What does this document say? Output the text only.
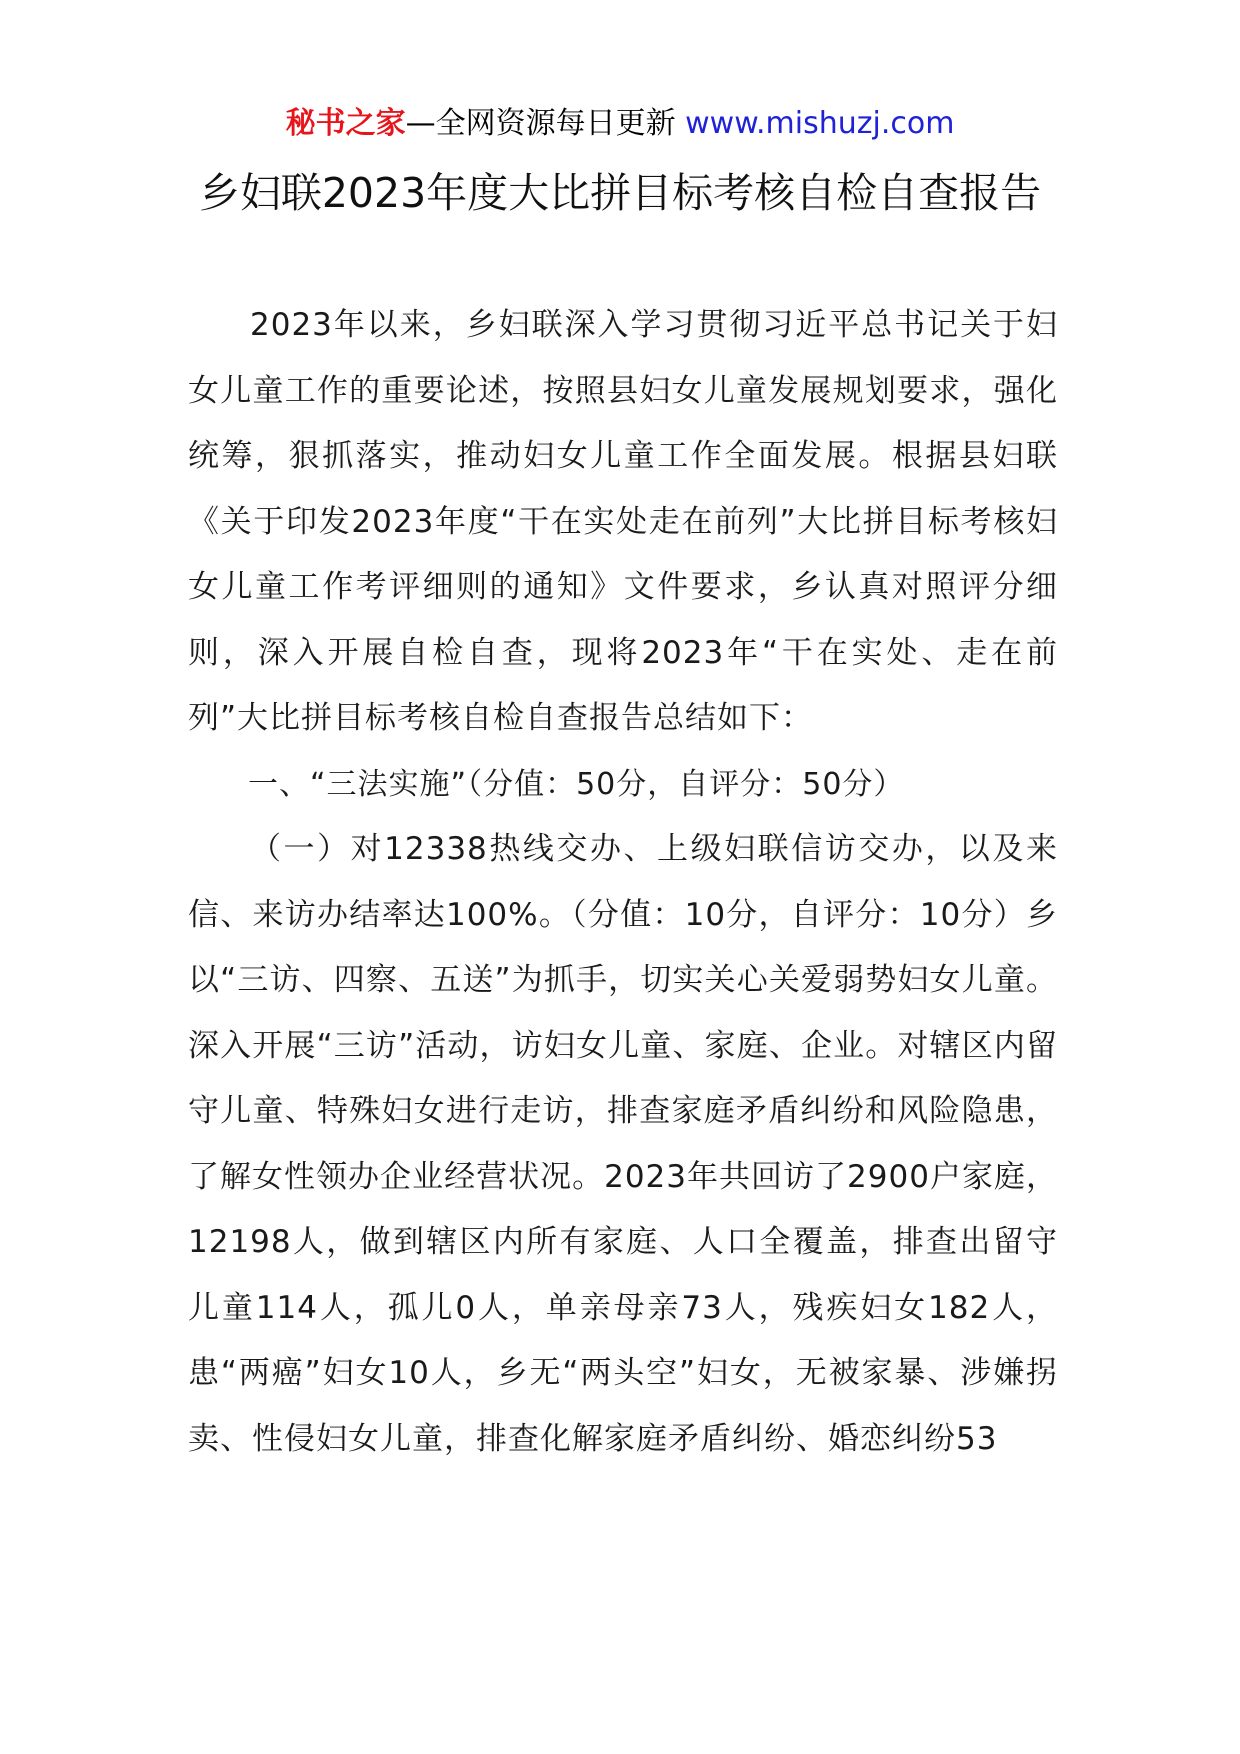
秘书之家—全网资源每日更新 www.mishuzj.com
乡妇联2023年度大比拼目标考核自检自查报告

2023年以来，乡妇联深入学习贯彻习近平总书记关于妇女儿童工作的重要论述，按照县妇女儿童发展规划要求，强化统筹，狠抓落实，推动妇女儿童工作全面发展。根据县妇联《关于印发2023年度“干在实处走在前列”大比拼目标考核妇女儿童工作考评细则的通知》文件要求，乡认真对照评分细则，深入开展自检自查，现将2023年“干在实处、走在前列”大比拼目标考核自检自查报告总结如下：

一、“三法实施”（分值：50分，自评分：50分）

（一）对12338热线交办、上级妇联信访交办，以及来信、来访办结率达100%。（分值：10分，自评分：10分）乡以“三访、四察、五送”为抓手，切实关心关爱弱势妇女儿童。深入开展“三访”活动，访妇女儿童、家庭、企业。对辖区内留守儿童、特殊妇女进行走访，排查家庭矛盾纠纷和风险隐患，了解女性领办企业经营状况。2023年共回访了2900户家庭，12198人，做到辖区内所有家庭、人口全覆盖，排查出留守儿童114人，孤儿0人，单亲母亲73人，残疾妇女182人，患“两癌”妇女10人，乡无“两头空”妇女，无被家暴、涉嫌拐卖、性侵妇女儿童，排查化解家庭矛盾纠纷、婚恋纠纷53
